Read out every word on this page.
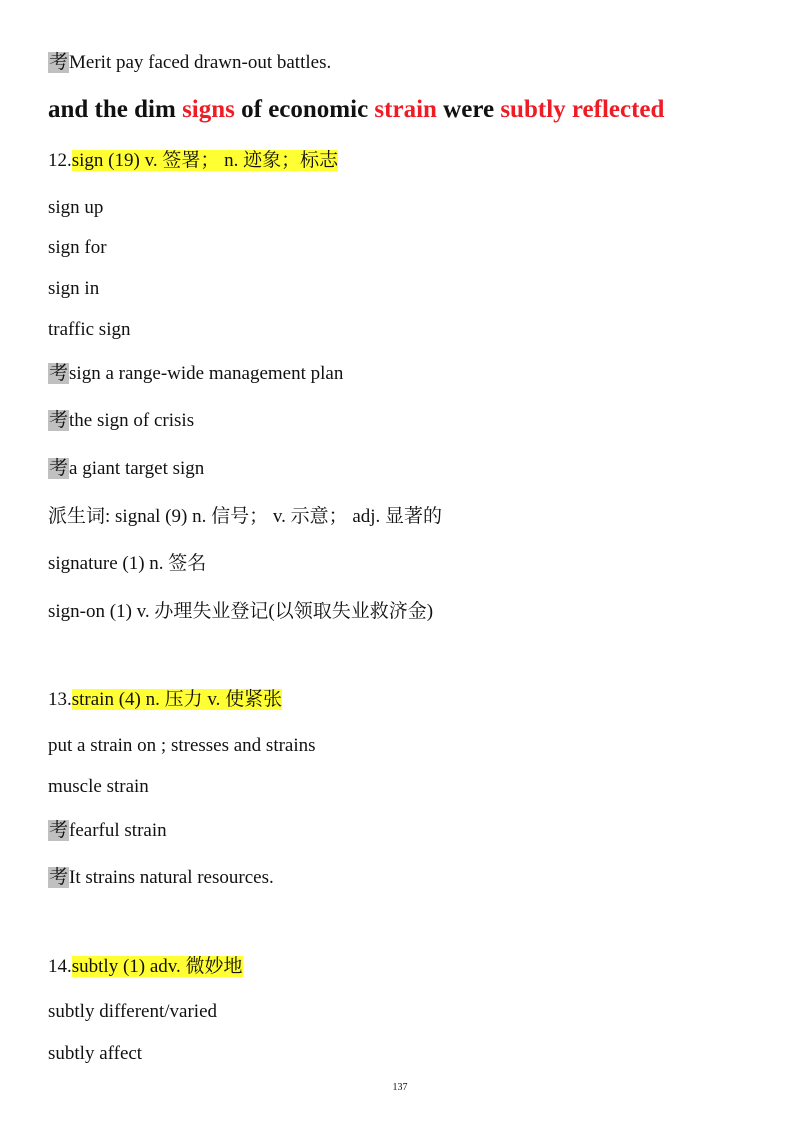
考Merit pay faced drawn-out battles.
and the dim signs of economic strain were subtly reflected
12.sign (19) v. 签署； n. 迹象；标志
sign up
sign for
sign in
traffic sign
考sign a range-wide management plan
考the sign of crisis
考a giant target sign
派生词: signal (9) n. 信号； v. 示意； adj. 显著的
signature (1) n. 签名
sign-on (1) v. 办理失业登记(以领取失业救济金)
13.strain (4) n. 压力 v. 使紧张
put a strain on ; stresses and strains
muscle strain
考fearful strain
考It strains natural resources.
14.subtly (1) adv. 微妙地
subtly different/varied
subtly affect
137
